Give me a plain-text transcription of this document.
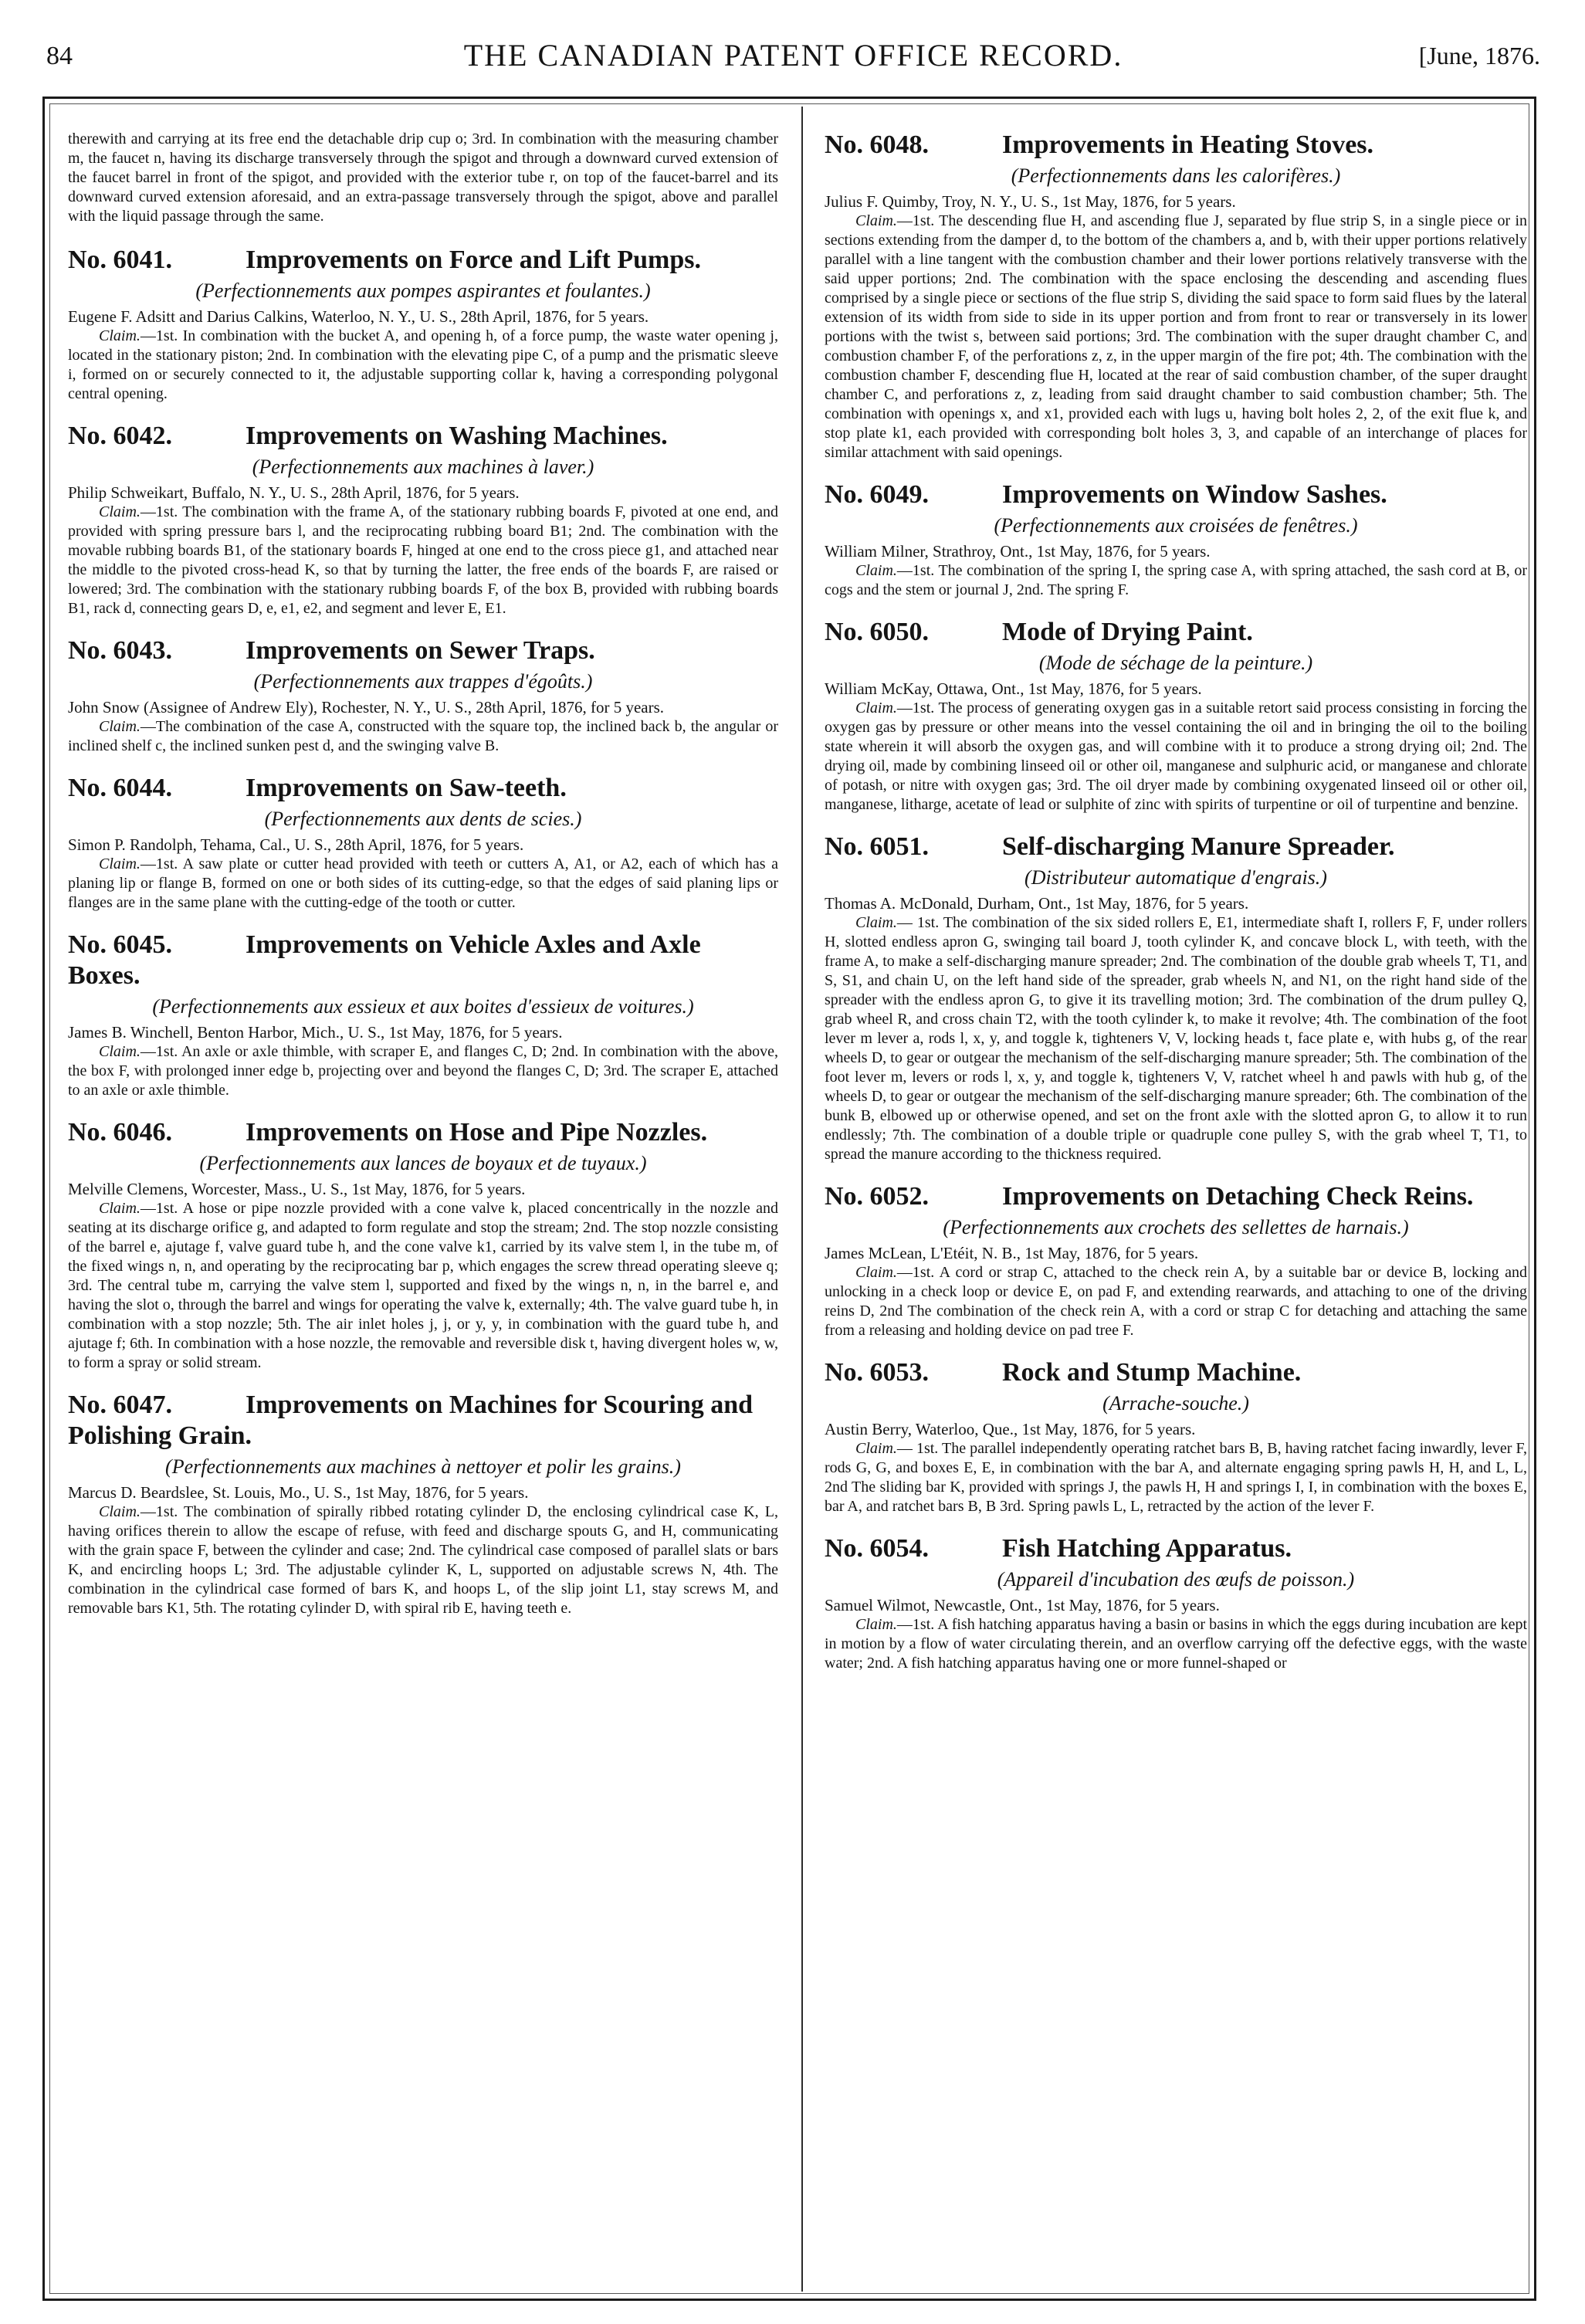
84	THE CANADIAN PATENT OFFICE RECORD.	[June, 1876.

therewith and carrying at its free end the detachable drip cup o; 3rd. In combination with the measuring chamber m, the faucet n, having its discharge transversely through the spigot and through a downward curved extension of the faucet barrel in front of the spigot, and provided with the exterior tube r, on top of the faucet-barrel and its downward curved extension aforesaid, and an extra-passage transversely through the spigot, above and parallel with the liquid passage through the same.

No. 6041.	Improvements on Force and Lift Pumps.

(Perfectionnements aux pompes aspirantes et foulantes.)

Eugene F. Adsitt and Darius Calkins, Waterloo, N. Y., U. S., 28th April, 1876, for 5 years.

Claim.—1st. In combination with the bucket A, and opening h, of a force pump, the waste water opening j, located in the stationary piston; 2nd. In combination with the elevating pipe C, of a pump and the prismatic sleeve i, formed on or securely connected to it, the adjustable supporting collar k, having a corresponding polygonal central opening.

No. 6042.	Improvements on Washing Machines.

(Perfectionnements aux machines à laver.)

Philip Schweikart, Buffalo, N. Y., U. S., 28th April, 1876, for 5 years.

Claim.—1st. The combination with the frame A, of the stationary rubbing boards F, pivoted at one end, and provided with spring pressure bars l, and the reciprocating rubbing board B1; 2nd. The combination with the movable rubbing boards B1, of the stationary boards F, hinged at one end to the cross piece g1, and attached near the middle to the pivoted cross-head K, so that by turning the latter, the free ends of the boards F, are raised or lowered; 3rd. The combination with the stationary rubbing boards F, of the box B, provided with rubbing boards B1, rack d, connecting gears D, e, e1, e2, and segment and lever E, E1.

No. 6043.	Improvements on Sewer Traps.

(Perfectionnements aux trappes d'égoûts.)

John Snow (Assignee of Andrew Ely), Rochester, N. Y., U. S., 28th April, 1876, for 5 years.

Claim.—The combination of the case A, constructed with the square top, the inclined back b, the angular or inclined shelf c, the inclined sunken pest d, and the swinging valve B.

No. 6044.	Improvements on Saw-teeth.

(Perfectionnements aux dents de scies.)

Simon P. Randolph, Tehama, Cal., U. S., 28th April, 1876, for 5 years.

Claim.—1st. A saw plate or cutter head provided with teeth or cutters A, A1, or A2, each of which has a planing lip or flange B, formed on one or both sides of its cutting-edge, so that the edges of said planing lips or flanges are in the same plane with the cutting-edge of the tooth or cutter.

No. 6045.	Improvements on Vehicle Axles and Axle Boxes.

(Perfectionnements aux essieux et aux boites d'essieux de voitures.)

James B. Winchell, Benton Harbor, Mich., U. S., 1st May, 1876, for 5 years.

Claim.—1st. An axle or axle thimble, with scraper E, and flanges C, D; 2nd. In combination with the above, the box F, with prolonged inner edge b, projecting over and beyond the flanges C, D; 3rd. The scraper E, attached to an axle or axle thimble.

No. 6046.	Improvements on Hose and Pipe Nozzles.

(Perfectionnements aux lances de boyaux et de tuyaux.)

Melville Clemens, Worcester, Mass., U. S., 1st May, 1876, for 5 years.

Claim.—1st. A hose or pipe nozzle provided with a cone valve k, placed concentrically in the nozzle and seating at its discharge orifice g, and adapted to form regulate and stop the stream; 2nd. The stop nozzle consisting of the barrel e, ajutage f, valve guard tube h, and the cone valve k1, carried by its valve stem l, in the tube m, of the fixed wings n, n, and operating by the reciprocating bar p, which engages the screw thread operating sleeve q; 3rd. The central tube m, carrying the valve stem l, supported and fixed by the wings n, n, in the barrel e, and having the slot o, through the barrel and wings for operating the valve k, externally; 4th. The valve guard tube h, in combination with a stop nozzle; 5th. The air inlet holes j, j, or y, y, in combination with the guard tube h, and ajutage f; 6th. In combination with a hose nozzle, the removable and reversible disk t, having divergent holes w, w, to form a spray or solid stream.

No. 6047.	Improvements on Machines for Scouring and Polishing Grain.

(Perfectionnements aux machines à nettoyer et polir les grains.)

Marcus D. Beardslee, St. Louis, Mo., U. S., 1st May, 1876, for 5 years.

Claim.—1st. The combination of spirally ribbed rotating cylinder D, the enclosing cylindrical case K, L, having orifices therein to allow the escape of refuse, with feed and discharge spouts G, and H, communicating with the grain space F, between the cylinder and case; 2nd. The cylindrical case composed of parallel slats or bars K, and encircling hoops L; 3rd. The adjustable cylinder K, L, supported on adjustable screws N, 4th. The combination in the cylindrical case formed of bars K, and hoops L, of the slip joint L1, stay screws M, and removable bars K1, 5th. The rotating cylinder D, with spiral rib E, having teeth e.

No. 6048.	Improvements in Heating Stoves.

(Perfectionnements dans les calorifères.)

Julius F. Quimby, Troy, N. Y., U. S., 1st May, 1876, for 5 years.

Claim.—1st. The descending flue H, and ascending flue J, separated by flue strip S, in a single piece or in sections extending from the damper d, to the bottom of the chambers a, and b, with their upper portions relatively parallel with a line tangent with the combustion chamber and their lower portions relatively transverse with the said upper portions; 2nd. The combination with the space enclosing the descending and ascending flues comprised by a single piece or sections of the flue strip S, dividing the said space to form said flues by the lateral extension of its width from side to side in its upper portion and from front to rear or transversely in its lower portions with the twist s, between said portions; 3rd. The combination with the super draught chamber C, and combustion chamber F, of the perforations z, z, in the upper margin of the fire pot; 4th. The combination with the combustion chamber F, descending flue H, located at the rear of said combustion chamber, of the super draught chamber C, and perforations z, z, leading from said draught chamber to said combustion chamber; 5th. The combination with openings x, and x1, provided each with lugs u, having bolt holes 2, 2, of the exit flue k, and stop plate k1, each provided with corresponding bolt holes 3, 3, and capable of an interchange of places for similar attachment with said openings.

No. 6049.	Improvements on Window Sashes.

(Perfectionnements aux croisées de fenêtres.)

William Milner, Strathroy, Ont., 1st May, 1876, for 5 years.

Claim.—1st. The combination of the spring I, the spring case A, with spring attached, the sash cord at B, or cogs and the stem or journal J, 2nd. The spring F.

No. 6050.	Mode of Drying Paint.

(Mode de séchage de la peinture.)

William McKay, Ottawa, Ont., 1st May, 1876, for 5 years.

Claim.—1st. The process of generating oxygen gas in a suitable retort said process consisting in forcing the oxygen gas by pressure or other means into the vessel containing the oil and in bringing the oil to the boiling state wherein it will absorb the oxygen gas, and will combine with it to produce a strong drying oil; 2nd. The drying oil, made by combining linseed oil or other oil, manganese and sulphuric acid, or manganese and chlorate of potash, or nitre with oxygen gas; 3rd. The oil dryer made by combining oxygenated linseed oil or other oil, manganese, litharge, acetate of lead or sulphite of zinc with spirits of turpentine or oil of turpentine and benzine.

No. 6051.	Self-discharging Manure Spreader.

(Distributeur automatique d'engrais.)

Thomas A. McDonald, Durham, Ont., 1st May, 1876, for 5 years.

Claim.— 1st. The combination of the six sided rollers E, E1, intermediate shaft I, rollers F, F, under rollers H, slotted endless apron G, swinging tail board J, tooth cylinder K, and concave block L, with teeth, with the frame A, to make a self-discharging manure spreader; 2nd. The combination of the double grab wheels T, T1, and S, S1, and chain U, on the left hand side of the spreader, grab wheels N, and N1, on the right hand side of the spreader with the endless apron G, to give it its travelling motion; 3rd. The combination of the drum pulley Q, grab wheel R, and cross chain T2, with the tooth cylinder k, to make it revolve; 4th. The combination of the foot lever m lever a, rods l, x, y, and toggle k, tighteners V, V, locking heads t, face plate e, with hubs g, of the rear wheels D, to gear or outgear the mechanism of the self-discharging manure spreader; 5th. The combination of the foot lever m, levers or rods l, x, y, and toggle k, tighteners V, V, ratchet wheel h and pawls with hub g, of the wheels D, to gear or outgear the mechanism of the self-discharging manure spreader; 6th. The combination of the bunk B, elbowed up or otherwise opened, and set on the front axle with the slotted apron G, to allow it to run endlessly; 7th. The combination of a double triple or quadruple cone pulley S, with the grab wheel T, T1, to spread the manure according to the thickness required.

No. 6052.	Improvements on Detaching Check Reins.

(Perfectionnements aux crochets des sellettes de harnais.)

James McLean, L'Etéit, N. B., 1st May, 1876, for 5 years.

Claim.—1st. A cord or strap C, attached to the check rein A, by a suitable bar or device B, locking and unlocking in a check loop or device E, on pad F, and extending rearwards, and attaching to one of the driving reins D, 2nd The combination of the check rein A, with a cord or strap C for detaching and attaching the same from a releasing and holding device on pad tree F.

No. 6053.	Rock and Stump Machine.

(Arrache-souche.)

Austin Berry, Waterloo, Que., 1st May, 1876, for 5 years.

Claim.— 1st. The parallel independently operating ratchet bars B, B, having ratchet facing inwardly, lever F, rods G, G, and boxes E, E, in combination with the bar A, and alternate engaging spring pawls H, H, and L, L, 2nd The sliding bar K, provided with springs J, the pawls H, H and springs I, I, in combination with the boxes E, bar A, and ratchet bars B, B 3rd. Spring pawls L, L, retracted by the action of the lever F.

No. 6054.	Fish Hatching Apparatus.

(Appareil d'incubation des œufs de poisson.)

Samuel Wilmot, Newcastle, Ont., 1st May, 1876, for 5 years.

Claim.—1st. A fish hatching apparatus having a basin or basins in which the eggs during incubation are kept in motion by a flow of water circulating therein, and an overflow carrying off the defective eggs, with the waste water; 2nd. A fish hatching apparatus having one or more funnel-shaped or
